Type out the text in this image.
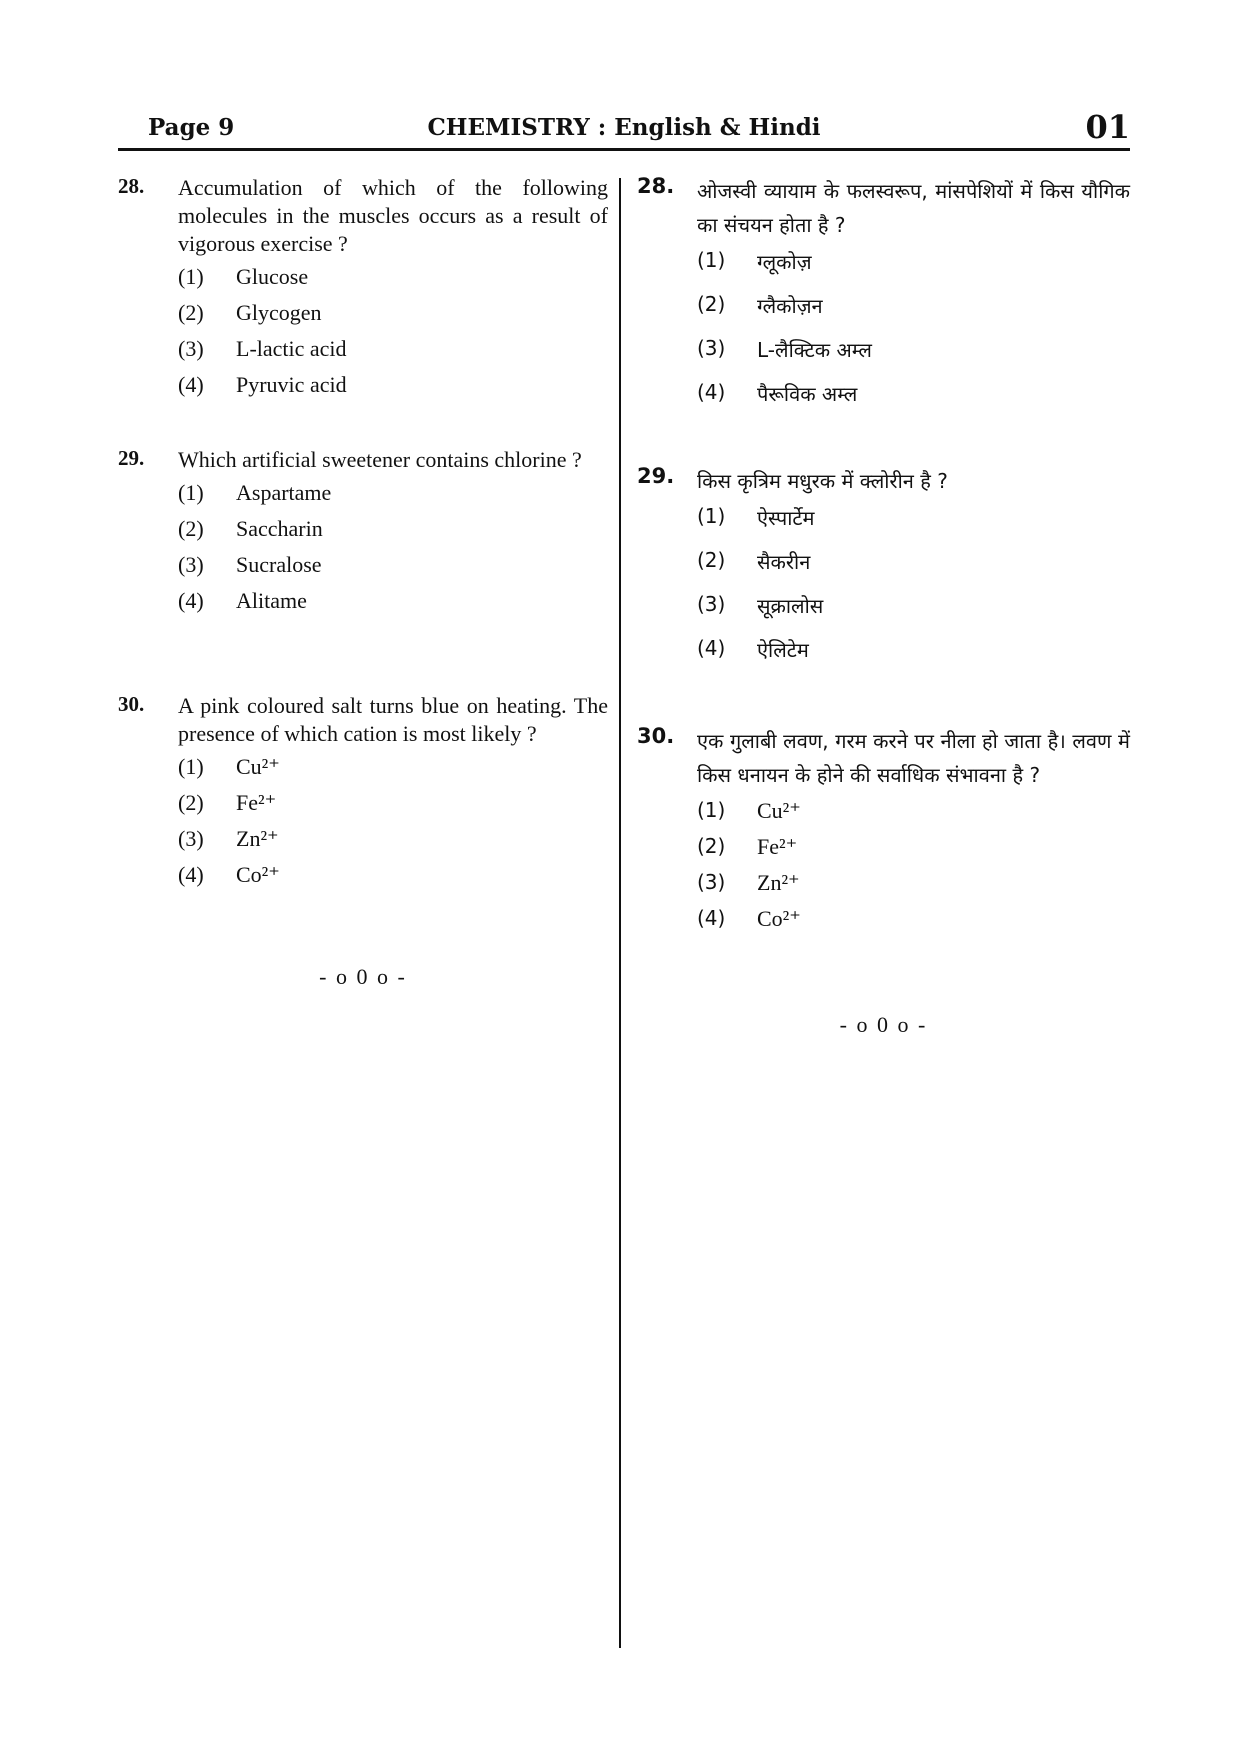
Page 9	CHEMISTRY : English & Hindi	01
28. Accumulation of which of the following molecules in the muscles occurs as a result of vigorous exercise ?
(1) Glucose
(2) Glycogen
(3) L-lactic acid
(4) Pyruvic acid
29. Which artificial sweetener contains chlorine ?
(1) Aspartame
(2) Saccharin
(3) Sucralose
(4) Alitame
30. A pink coloured salt turns blue on heating. The presence of which cation is most likely ?
(1) Cu²⁺
(2) Fe²⁺
(3) Zn²⁺
(4) Co²⁺
- o 0 o -
28. ओजस्वी व्यायाम के फलस्वरूप, मांसपेशियों में किस यौगिक का संचयन होता है ?
(1) ग्लूकोज़
(2) ग्लैकोज़न
(3) L-लैक्टिक अम्ल
(4) पैरूविक अम्ल
29. किस कृत्रिम मधुरक में क्लोरीन है ?
(1) ऐस्पार्टेम
(2) सैकरीन
(3) सूक्रालोस
(4) ऐलिटेम
30. एक गुलाबी लवण, गरम करने पर नीला हो जाता है। लवण में किस धनायन के होने की सर्वाधिक संभावना है ?
(1) Cu²⁺
(2) Fe²⁺
(3) Zn²⁺
(4) Co²⁺
- o 0 o -
